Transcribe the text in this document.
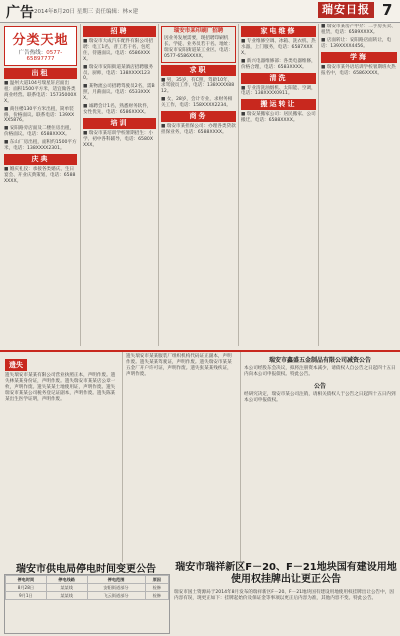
广告 2014年8月20日 星期三 责任编辑：林×建	瑞安日报 7
分类天地
广告热线：0577-65897777
出租
■ 温州大道104号瑞星轩店面出租：面积1500平方米，适宜做各类商业经营。联系电话：15735000XX。
■ 商住楼130平方米出租，简单装修，价格面议。联系电话：139XXXX5876。
■ 安阳路旁店面及二楼住房出租，价格面议。电话：6588XXXX。
■ 东山厂房出租，面积约1500平方米，电话：138XXXX2301。
庆典
■ 婚庆礼仪：承接各类婚庆、生日宴会、开业庆典策划，电话：6588XXXX。
招聘
■ 瑞安市大成汽车配件有限公司招聘：电工1名，普工若干名，包吃住，待遇面议。电话：6586XXXX。
■ 瑞安市安阳街道某酒店招聘服务员、厨师，电话：138XXXX1230。
■ 某物流公司招聘驾驶员2名，需B照，月薪面议。电话：6533XXXX。
■ 诚聘会计1名，熟悉财务软件，女性优先，电话：6586XXXX。
培训
■ 瑞安市某培训学校暑期招生：小学、初中各科辅导，电话：6580XXXX。
瑞安市某印刷厂招聘
因业务发展需要，现招聘印刷机长、学徒、业务员若干名。地址：瑞安市安阳街道某工业区。电话：0577-6586XXXX。
求职
■ 男，35岁，有C照，驾龄10年，求驾驶员工作，电话：138XXXX8812。
■ 女，28岁，会计专业，求财务相关工作，电话：158XXXX2234。
商务
■ 瑞安市某担保公司：办理各类贷款担保业务，电话：6588XXXX。
家电维修
■ 专业维修空调、冰箱、洗衣机、热水器，上门服务，电话：6587XXXX。
■ 新兴电器维修部：各类电器维修，价格合理，电话：6583XXXX。
清洗
■ 专业清洗油烟机、太阳能、空调，电话：138XXXX0911。
搬运转让
■ 瑞安某搬家公司：居民搬家、公司搬迁，电话：6588XXXX。
■ 瑞安市某房产中介：二手房买卖、租赁，电话：6589XXXX。
■ 店面转让：安阳路店面转让，电话：139XXXX4456。
学海
■ 瑞安市某外语培训学校暑期班火热报名中，电话：6586XXXX。
遗失
遗失瑞安市某某有限公司营业执照正本，声明作废。遗失林某某身份证，声明作废。遗失瑞安市某某店公章一枚，声明作废。遗失某某土地使用证，声明作废。遗失瑞安市某某公司税务登记证副本，声明作废。遗失陈某某出生医学证明，声明作废。
遗失瑞安市某某服装厂组织机构代码证正副本，声明作废。遗失某某驾驶证，声明作废。遗失瑞安市某某五金厂开户许可证，声明作废。遗失张某某残疾证，声明作废。
瑞安市鑫盛五金制品有限公司减资公告
本公司经股东会决议，拟将注册资本减少，请债权人自公告之日起四十五日内向本公司申报债权。特此公告。
公告
经研究决定，瑞安市某公司注销，请相关债权人于公告之日起四十五日内到本公司申报债权。
瑞安市供电局停电时间变更公告
停电时间	停电线路	停电范围	原因
8月28日	某某线	安阳街道部分	检修
9月1日	某某线	飞云街道部分	检修
瑞安市瑞祥新区F－20、F－21地块国有建设用地使用权挂牌出让更正公告
瑞安市国土资源局于2014年8月发布的瑞祥新区F－20、F－21地块国有建设用地使用权挂牌出让公告中，因内容有误，现更正如下：挂牌起始价及保证金等事项以更正后内容为准，其他内容不变。特此公告。
